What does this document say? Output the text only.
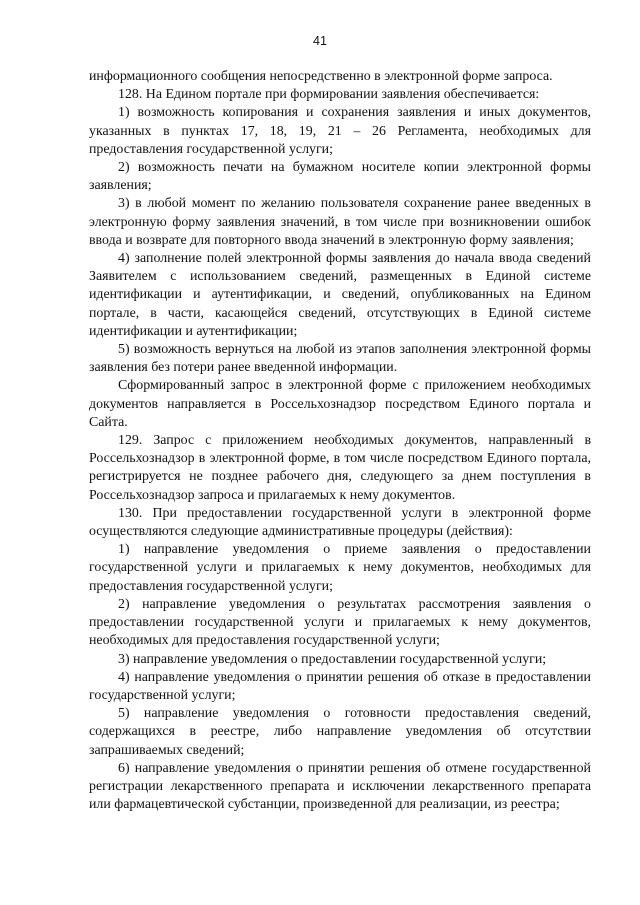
41

информационного сообщения непосредственно в электронной форме запроса.

128. На Едином портале при формировании заявления обеспечивается:

1) возможность копирования и сохранения заявления и иных документов, указанных в пунктах 17, 18, 19, 21 – 26 Регламента, необходимых для предоставления государственной услуги;

2) возможность печати на бумажном носителе копии электронной формы заявления;

3) в любой момент по желанию пользователя сохранение ранее введенных в электронную форму заявления значений, в том числе при возникновении ошибок ввода и возврате для повторного ввода значений в электронную форму заявления;

4) заполнение полей электронной формы заявления до начала ввода сведений Заявителем с использованием сведений, размещенных в Единой системе идентификации и аутентификации, и сведений, опубликованных на Едином портале, в части, касающейся сведений, отсутствующих в Единой системе идентификации и аутентификации;

5) возможность вернуться на любой из этапов заполнения электронной формы заявления без потери ранее введенной информации.

Сформированный запрос в электронной форме с приложением необходимых документов направляется в Россельхознадзор посредством Единого портала и Сайта.

129. Запрос с приложением необходимых документов, направленный в Россельхознадзор в электронной форме, в том числе посредством Единого портала, регистрируется не позднее рабочего дня, следующего за днем поступления в Россельхознадзор запроса и прилагаемых к нему документов.

130. При предоставлении государственной услуги в электронной форме осуществляются следующие административные процедуры (действия):

1) направление уведомления о приеме заявления о предоставлении государственной услуги и прилагаемых к нему документов, необходимых для предоставления государственной услуги;

2) направление уведомления о результатах рассмотрения заявления о предоставлении государственной услуги и прилагаемых к нему документов, необходимых для предоставления государственной услуги;

3) направление уведомления о предоставлении государственной услуги;

4) направление уведомления о принятии решения об отказе в предоставлении государственной услуги;

5) направление уведомления о готовности предоставления сведений, содержащихся в реестре, либо направление уведомления об отсутствии запрашиваемых сведений;

6) направление уведомления о принятии решения об отмене государственной регистрации лекарственного препарата и исключении лекарственного препарата или фармацевтической субстанции, произведенной для реализации, из реестра;
